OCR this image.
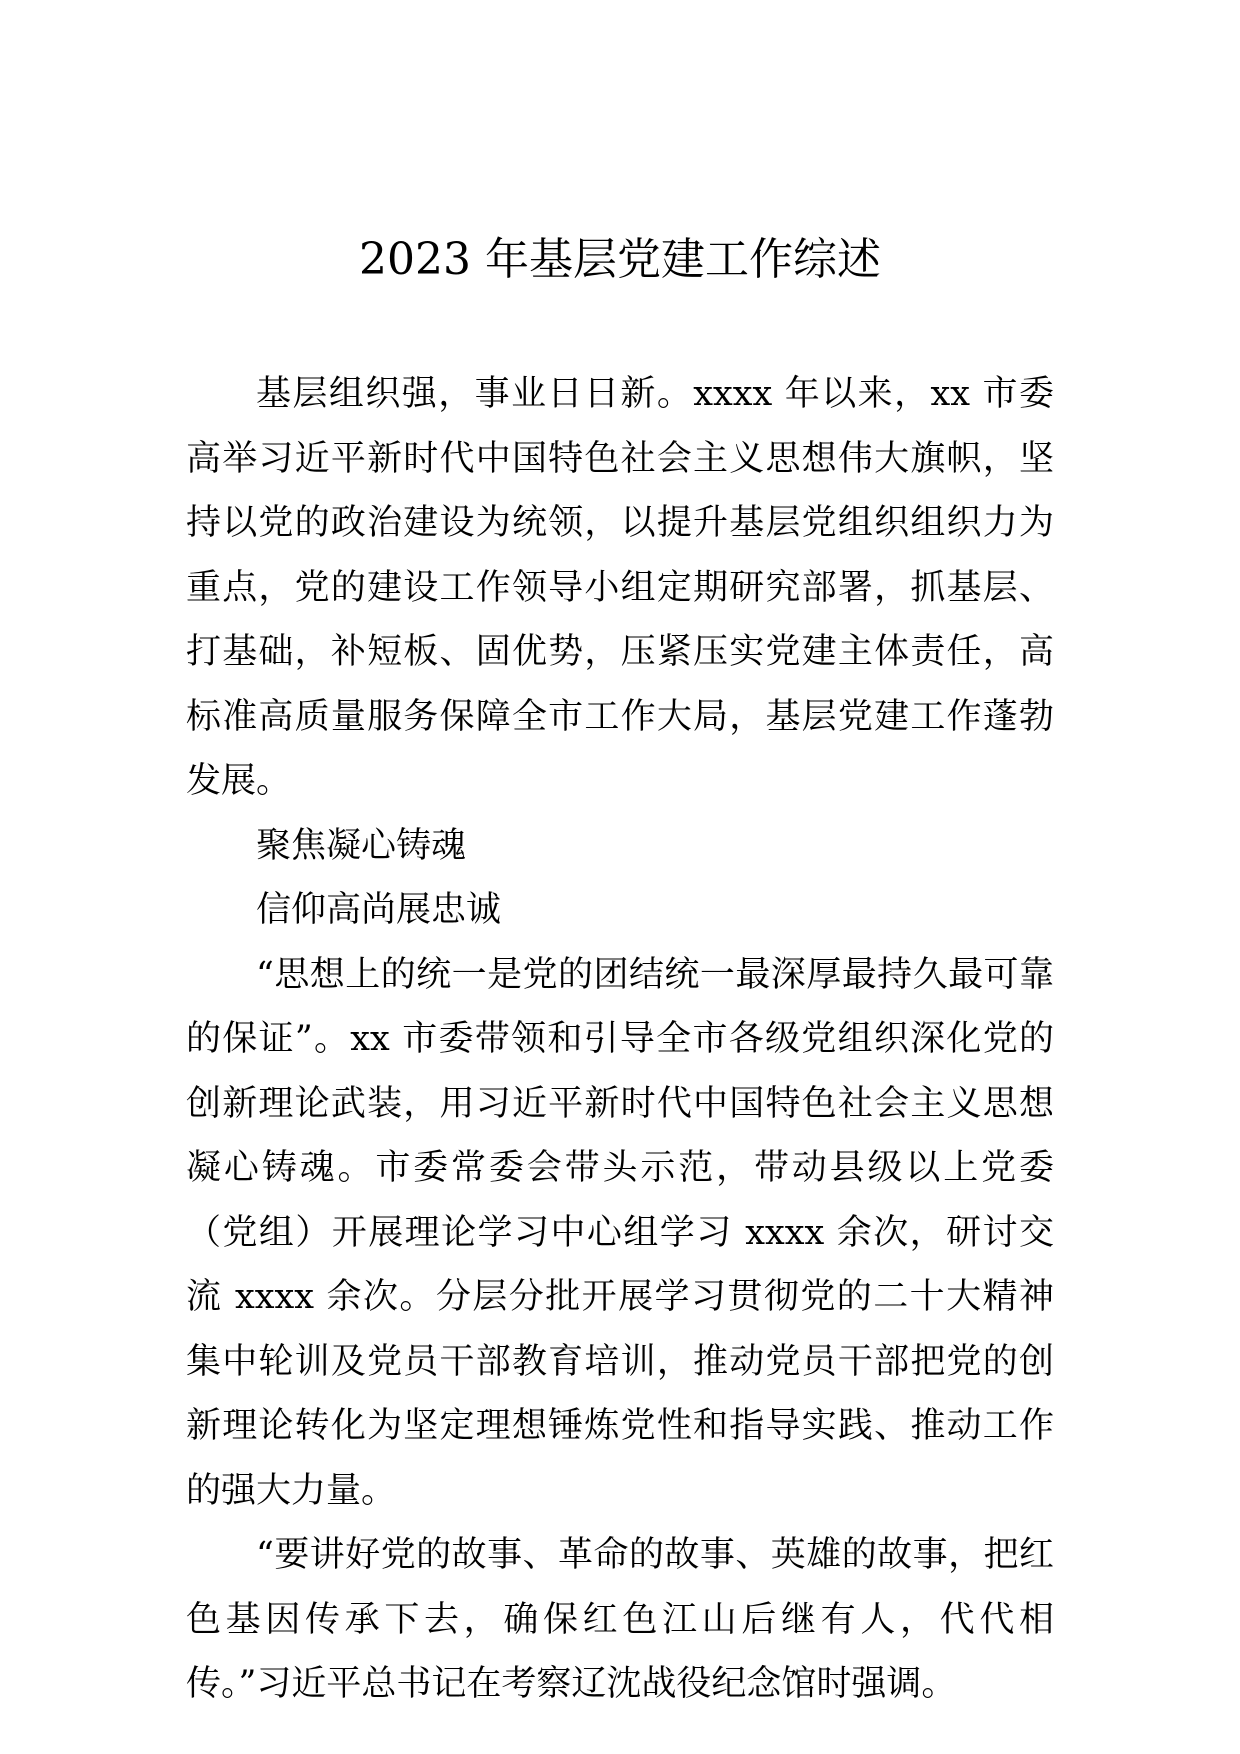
2023 年基层党建工作综述

基层组织强，事业日日新。xxxx 年以来，xx 市委高举习近平新时代中国特色社会主义思想伟大旗帜，坚持以党的政治建设为统领，以提升基层党组织组织力为重点，党的建设工作领导小组定期研究部署，抓基层、打基础，补短板、固优势，压紧压实党建主体责任，高标准高质量服务保障全市工作大局，基层党建工作蓬勃发展。

聚焦凝心铸魂

信仰高尚展忠诚

“思想上的统一是党的团结统一最深厚最持久最可靠的保证”。xx 市委带领和引导全市各级党组织深化党的创新理论武装，用习近平新时代中国特色社会主义思想凝心铸魂。市委常委会带头示范，带动县级以上党委（党组）开展理论学习中心组学习 xxxx 余次，研讨交流 xxxx 余次。分层分批开展学习贯彻党的二十大精神集中轮训及党员干部教育培训，推动党员干部把党的创新理论转化为坚定理想锤炼党性和指导实践、推动工作的强大力量。

“要讲好党的故事、革命的故事、英雄的故事，把红色基因传承下去，确保红色江山后继有人，代代相传。”习近平总书记在考察辽沈战役纪念馆时强调。
